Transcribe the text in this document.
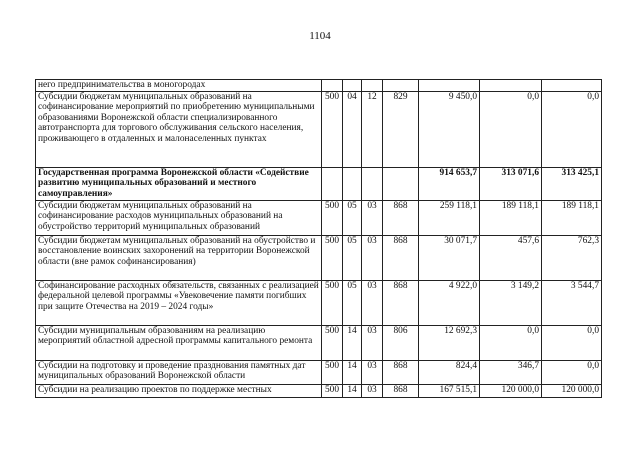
1104
него предпринимательства в моногородах							
Субсидии бюджетам муниципальных образований на софинансирование мероприятий по приобретению муниципальными образованиями Воронежской области специализированного автотранспорта для торгового обслуживания сельского населения, проживающего в отдаленных и малонаселенных пунктах	500	04	12	829	9 450,0	0,0	0,0
Государственная программа Воронежской области «Содействие развитию муниципальных образований и местного самоуправления»					914 653,7	313 071,6	313 425,1
Субсидии бюджетам муниципальных образований на софинансирование расходов муниципальных образований на обустройство территорий муниципальных образований	500	05	03	868	259 118,1	189 118,1	189 118,1
Субсидии бюджетам муниципальных образований на обустройство и восстановление воинских захоронений на территории Воронежской области (вне рамок софинансирования)	500	05	03	868	30 071,7	457,6	762,3
Софинансирование расходных обязательств, связанных с реализацией федеральной целевой программы «Увековечение памяти погибших при защите Отечества на 2019 – 2024 годы»	500	05	03	868	4 922,0	3 149,2	3 544,7
Субсидии муниципальным образованиям на реализацию мероприятий областной адресной программы капитального ремонта	500	14	03	806	12 692,3	0,0	0,0
Субсидии на подготовку и проведение празднования памятных дат муниципальных образований Воронежской области	500	14	03	868	824,4	346,7	0,0
Субсидии на реализацию проектов по поддержке местных	500	14	03	868	167 515,1	120 000,0	120 000,0
